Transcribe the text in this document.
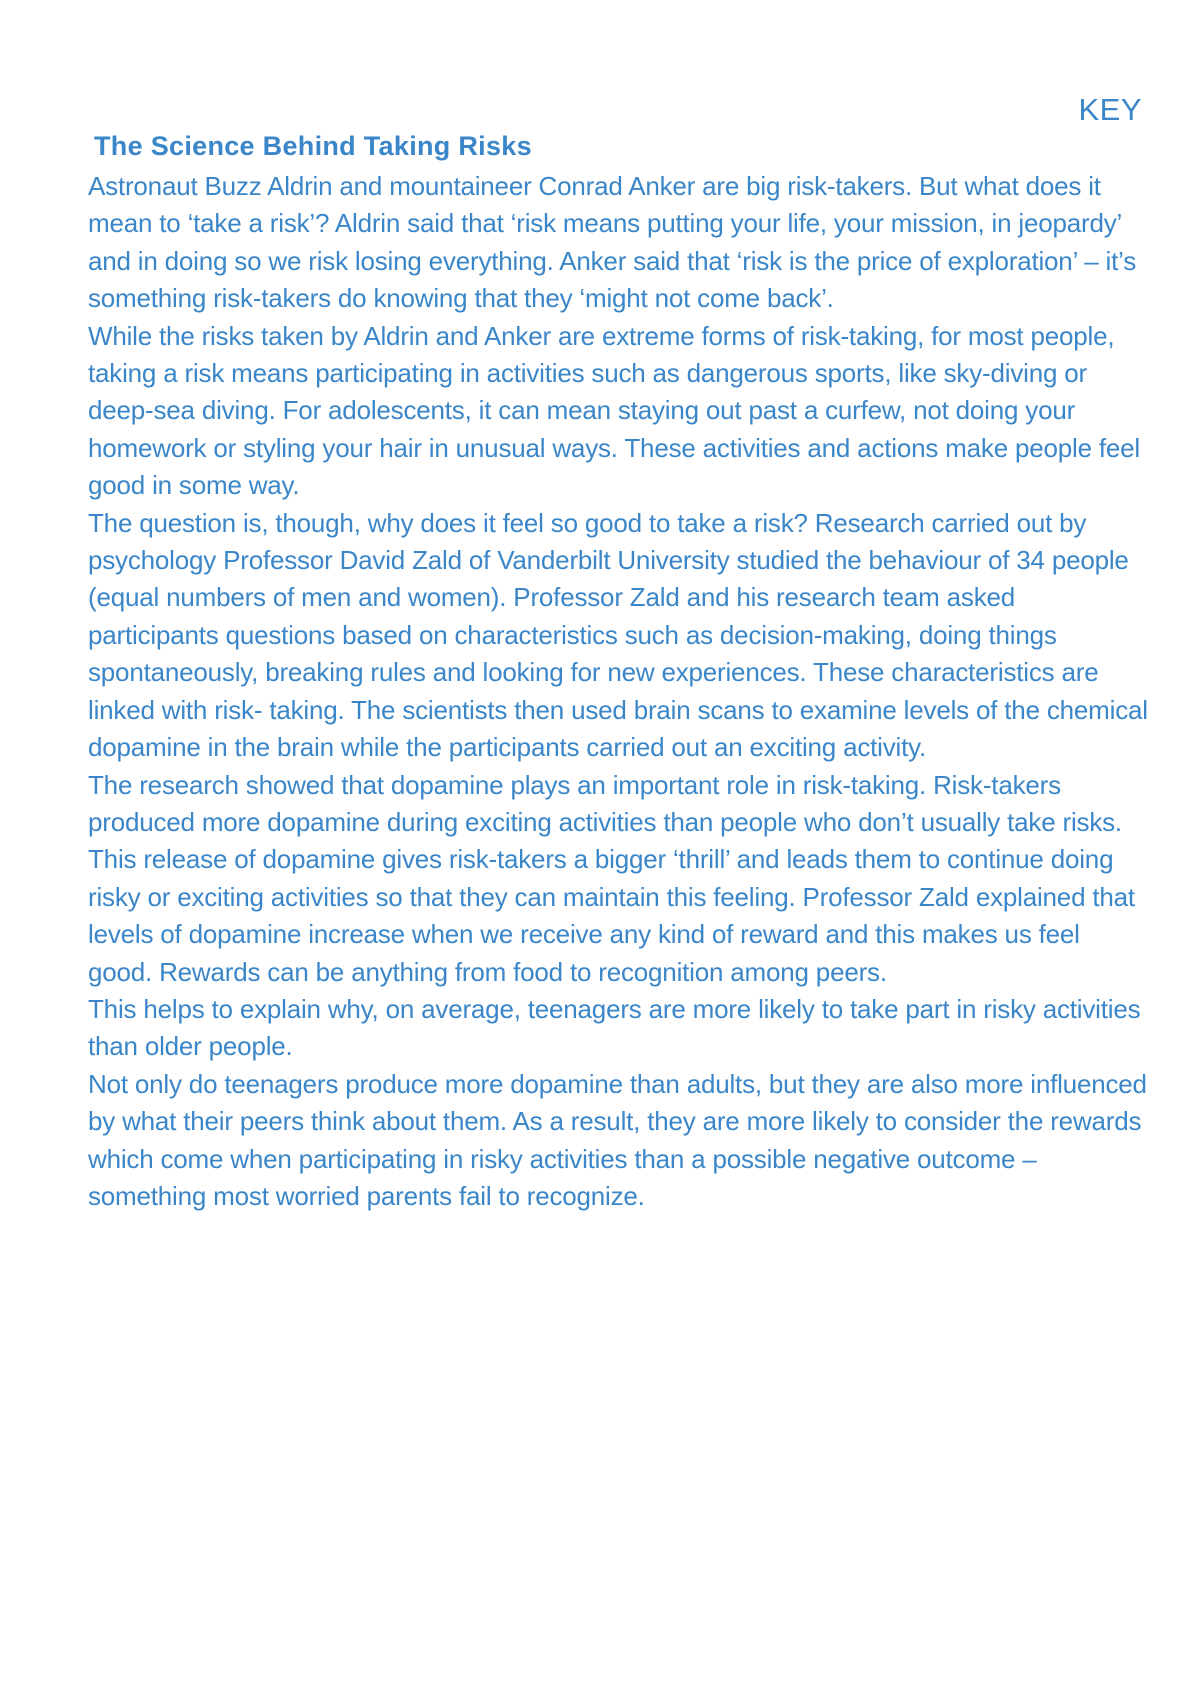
KEY
The Science Behind Taking Risks

Astronaut Buzz Aldrin and mountaineer Conrad Anker are big risk-takers. But what does it mean to ‘take a risk’? Aldrin said that ‘risk means putting your life, your mission, in jeopardy’ and in doing so we risk losing everything. Anker said that ‘risk is the price of exploration’ – it’s something risk-takers do knowing that they ‘might not come back’.

While the risks taken by Aldrin and Anker are extreme forms of risk-taking, for most people, taking a risk means participating in activities such as dangerous sports, like sky-diving or deep-sea diving. For adolescents, it can mean staying out past a curfew, not doing your homework or styling your hair in unusual ways. These activities and actions make people feel good in some way.

The question is, though, why does it feel so good to take a risk? Research carried out by psychology Professor David Zald of Vanderbilt University studied the behaviour of 34 people (equal numbers of men and women). Professor Zald and his research team asked participants questions based on characteristics such as decision-making, doing things spontaneously, breaking rules and looking for new experiences. These characteristics are linked with risk- taking. The scientists then used brain scans to examine levels of the chemical dopamine in the brain while the participants carried out an exciting activity.

The research showed that dopamine plays an important role in risk-taking. Risk-takers produced more dopamine during exciting activities than people who don’t usually take risks. This release of dopamine gives risk-takers a bigger ‘thrill’ and leads them to continue doing risky or exciting activities so that they can maintain this feeling. Professor Zald explained that levels of dopamine increase when we receive any kind of reward and this makes us feel good. Rewards can be anything from food to recognition among peers.

This helps to explain why, on average, teenagers are more likely to take part in risky activities than older people.

Not only do teenagers produce more dopamine than adults, but they are also more influenced by what their peers think about them. As a result, they are more likely to consider the rewards which come when participating in risky activities than a possible negative outcome – something most worried parents fail to recognize.
